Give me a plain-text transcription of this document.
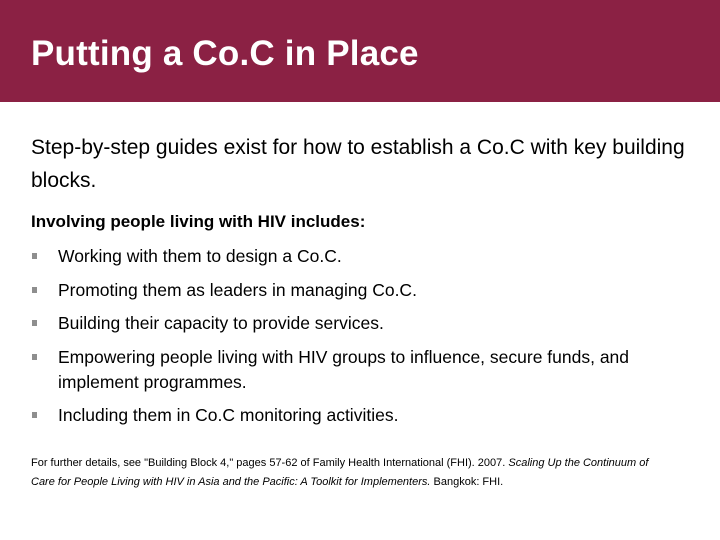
Putting a Co.C in Place

Step-by-step guides exist for how to establish a Co.C with key building blocks.

Involving people living with HIV includes:

Working with them to design a Co.C.
Promoting them as leaders in managing Co.C.
Building their capacity to provide services.
Empowering people living with HIV groups to influence, secure funds, and implement programmes.
Including them in Co.C monitoring activities.

For further details, see "Building Block 4," pages 57-62 of Family Health International (FHI). 2007. Scaling Up the Continuum of Care for People Living with HIV in Asia and the Pacific: A Toolkit for Implementers. Bangkok: FHI.
